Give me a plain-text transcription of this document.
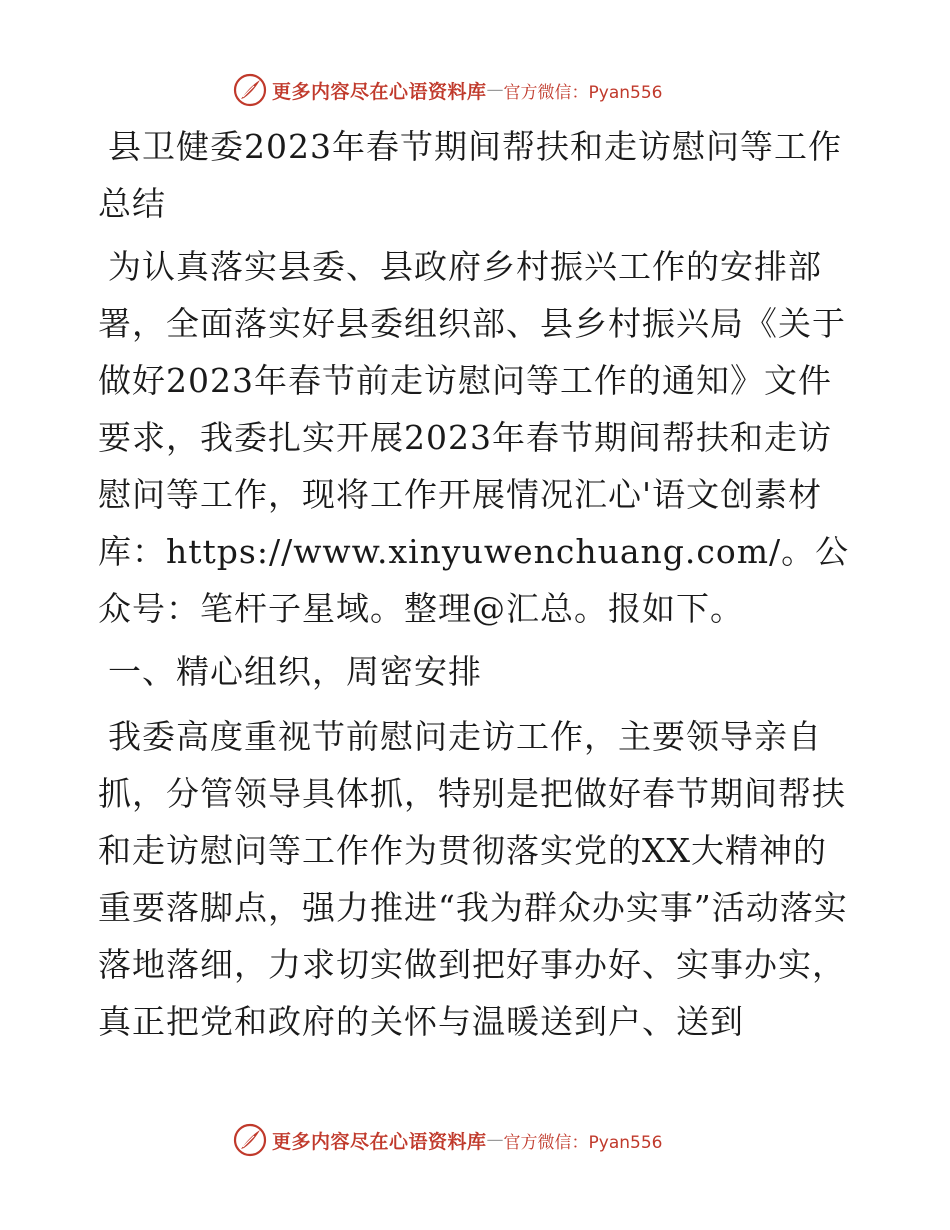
更多内容尽在心语资料库 — 官方微信：Pyan556

县卫健委2023年春节期间帮扶和走访慰问等工作总结

为认真落实县委、县政府乡村振兴工作的安排部署，全面落实好县委组织部、县乡村振兴局《关于做好2023年春节前走访慰问等工作的通知》文件要求，我委扎实开展2023年春节期间帮扶和走访慰问等工作，现将工作开展情况汇心'语文创素材库：https://www.xinyuwenchuang.com/。公众号：笔杆子星域。整理@汇总。报如下。

一、精心组织，周密安排

我委高度重视节前慰问走访工作，主要领导亲自抓，分管领导具体抓，特别是把做好春节期间帮扶和走访慰问等工作作为贯彻落实党的XX大精神的重要落脚点，强力推进“我为群众办实事”活动落实落地落细，力求切实做到把好事办好、实事办实，真正把党和政府的关怀与温暖送到户、送到

更多内容尽在心语资料库 — 官方微信：Pyan556
